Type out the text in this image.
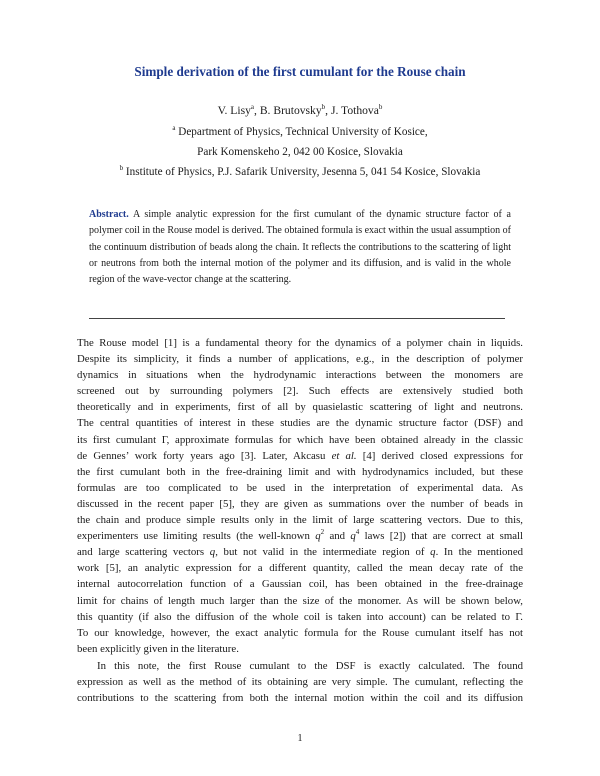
Simple derivation of the first cumulant for the Rouse chain
V. Lisy$^a$, B. Brutovsky$^b$, J. Tothova$^b$
$^a$ Department of Physics, Technical University of Kosice,
Park Komenskeho 2, 042 00 Kosice, Slovakia
$^b$ Institute of Physics, P.J. Safarik University, Jesenna 5, 041 54 Kosice, Slovakia
Abstract. A simple analytic expression for the first cumulant of the dynamic structure factor of a polymer coil in the Rouse model is derived. The obtained formula is exact within the usual assumption of the continuum distribution of beads along the chain. It reflects the contributions to the scattering of light or neutrons from both the internal motion of the polymer and its diffusion, and is valid in the whole region of the wave-vector change at the scattering.
The Rouse model [1] is a fundamental theory for the dynamics of a polymer chain in liquids.
Despite its simplicity, it finds a number of applications, e.g., in the description of polymer
dynamics in situations when the hydrodynamic interactions between the monomers are
screened out by surrounding polymers [2]. Such effects are extensively studied both
theoretically and in experiments, first of all by quasielastic scattering of light and neutrons.
The central quantities of interest in these studies are the dynamic structure factor (DSF) and
its first cumulant Γ, approximate formulas for which have been obtained already in the classic
de Gennes’ work forty years ago [3]. Later, Akcasu et al. [4] derived closed expressions for
the first cumulant both in the free-draining limit and with hydrodynamics included, but these
formulas are too complicated to be used in the interpretation of experimental data. As
discussed in the recent paper [5], they are given as summations over the number of beads in
the chain and produce simple results only in the limit of large scattering vectors. Due to this,
experimenters use limiting results (the well-known $q^2$ and $q^4$ laws [2]) that are correct at small
and large scattering vectors q, but not valid in the intermediate region of q. In the mentioned
work [5], an analytic expression for a different quantity, called the mean decay rate of the
internal autocorrelation function of a Gaussian coil, has been obtained in the free-drainage
limit for chains of length much larger than the size of the monomer. As will be shown below,
this quantity (if also the diffusion of the whole coil is taken into account) can be related to Γ.
To our knowledge, however, the exact analytic formula for the Rouse cumulant itself has not
been explicitly given in the literature.
In this note, the first Rouse cumulant to the DSF is exactly calculated. The found
expression as well as the method of its obtaining are very simple. The cumulant, reflecting the
contributions to the scattering from both the internal motion within the coil and its diffusion
1
